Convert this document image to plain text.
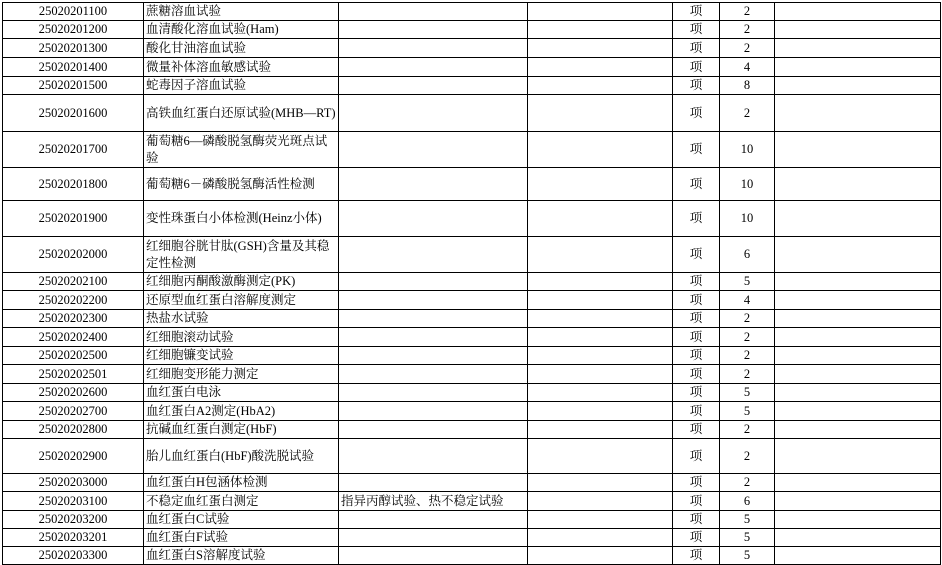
25020201100	蔗糖溶血试验			项	2	
25020201200	血清酸化溶血试验(Ham)			项	2	
25020201300	酸化甘油溶血试验			项	2	
25020201400	微量补体溶血敏感试验			项	4	
25020201500	蛇毒因子溶血试验			项	8	
25020201600	高铁血红蛋白还原试验(MHB—RT)			项	2	
25020201700	葡萄糖6—磷酸脱氢酶荧光斑点试验			项	10	
25020201800	葡萄糖6－磷酸脱氢酶活性检测			项	10	
25020201900	变性珠蛋白小体检测(Heinz小体)			项	10	
25020202000	红细胞谷胱甘肽(GSH)含量及其稳定性检测			项	6	
25020202100	红细胞丙酮酸激酶测定(PK)			项	5	
25020202200	还原型血红蛋白溶解度测定			项	4	
25020202300	热盐水试验			项	2	
25020202400	红细胞滚动试验			项	2	
25020202500	红细胞镰变试验			项	2	
25020202501	红细胞变形能力测定			项	2	
25020202600	血红蛋白电泳			项	5	
25020202700	血红蛋白A2测定(HbA2)			项	5	
25020202800	抗碱血红蛋白测定(HbF)			项	2	
25020202900	胎儿血红蛋白(HbF)酸洗脱试验			项	2	
25020203000	血红蛋白H包涵体检测			项	2	
25020203100	不稳定血红蛋白测定	指异丙醇试验、热不稳定试验		项	6	
25020203200	血红蛋白C试验			项	5	
25020203201	血红蛋白F试验			项	5	
25020203300	血红蛋白S溶解度试验			项	5	
